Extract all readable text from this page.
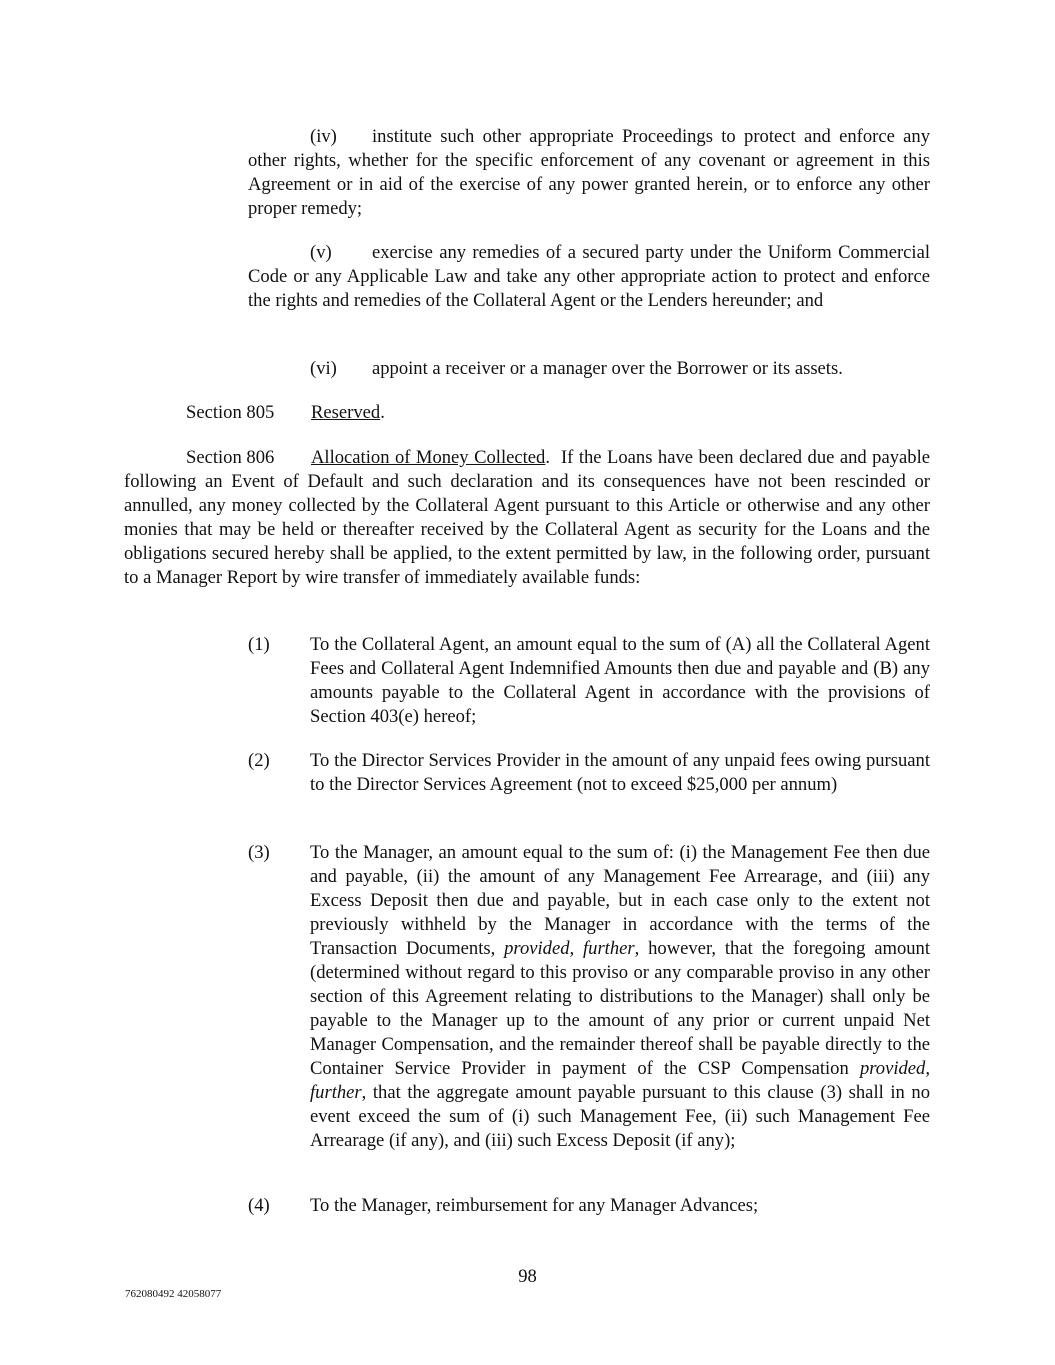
(iv) institute such other appropriate Proceedings to protect and enforce any other rights, whether for the specific enforcement of any covenant or agreement in this Agreement or in aid of the exercise of any power granted herein, or to enforce any other proper remedy;
(v) exercise any remedies of a secured party under the Uniform Commercial Code or any Applicable Law and take any other appropriate action to protect and enforce the rights and remedies of the Collateral Agent or the Lenders hereunder; and
(vi) appoint a receiver or a manager over the Borrower or its assets.
Section 805 Reserved.
Section 806 Allocation of Money Collected.  If the Loans have been declared due and payable following an Event of Default and such declaration and its consequences have not been rescinded or annulled, any money collected by the Collateral Agent pursuant to this Article or otherwise and any other monies that may be held or thereafter received by the Collateral Agent as security for the Loans and the obligations secured hereby shall be applied, to the extent permitted by law, in the following order, pursuant to a Manager Report by wire transfer of immediately available funds:
(1)	To the Collateral Agent, an amount equal to the sum of (A) all the Collateral Agent Fees and Collateral Agent Indemnified Amounts then due and payable and (B) any amounts payable to the Collateral Agent in accordance with the provisions of Section 403(e) hereof;
(2)	To the Director Services Provider in the amount of any unpaid fees owing pursuant to the Director Services Agreement (not to exceed $25,000 per annum)
(3)	To the Manager, an amount equal to the sum of: (i) the Management Fee then due and payable, (ii) the amount of any Management Fee Arrearage, and (iii) any Excess Deposit then due and payable, but in each case only to the extent not previously withheld by the Manager in accordance with the terms of the Transaction Documents, provided, further, however, that the foregoing amount (determined without regard to this proviso or any comparable proviso in any other section of this Agreement relating to distributions to the Manager) shall only be payable to the Manager up to the amount of any prior or current unpaid Net Manager Compensation, and the remainder thereof shall be payable directly to the Container Service Provider in payment of the CSP Compensation provided, further, that the aggregate amount payable pursuant to this clause (3) shall in no event exceed the sum of (i) such Management Fee, (ii) such Management Fee Arrearage (if any), and (iii) such Excess Deposit (if any);
(4)	To the Manager, reimbursement for any Manager Advances;
98
762080492 42058077
